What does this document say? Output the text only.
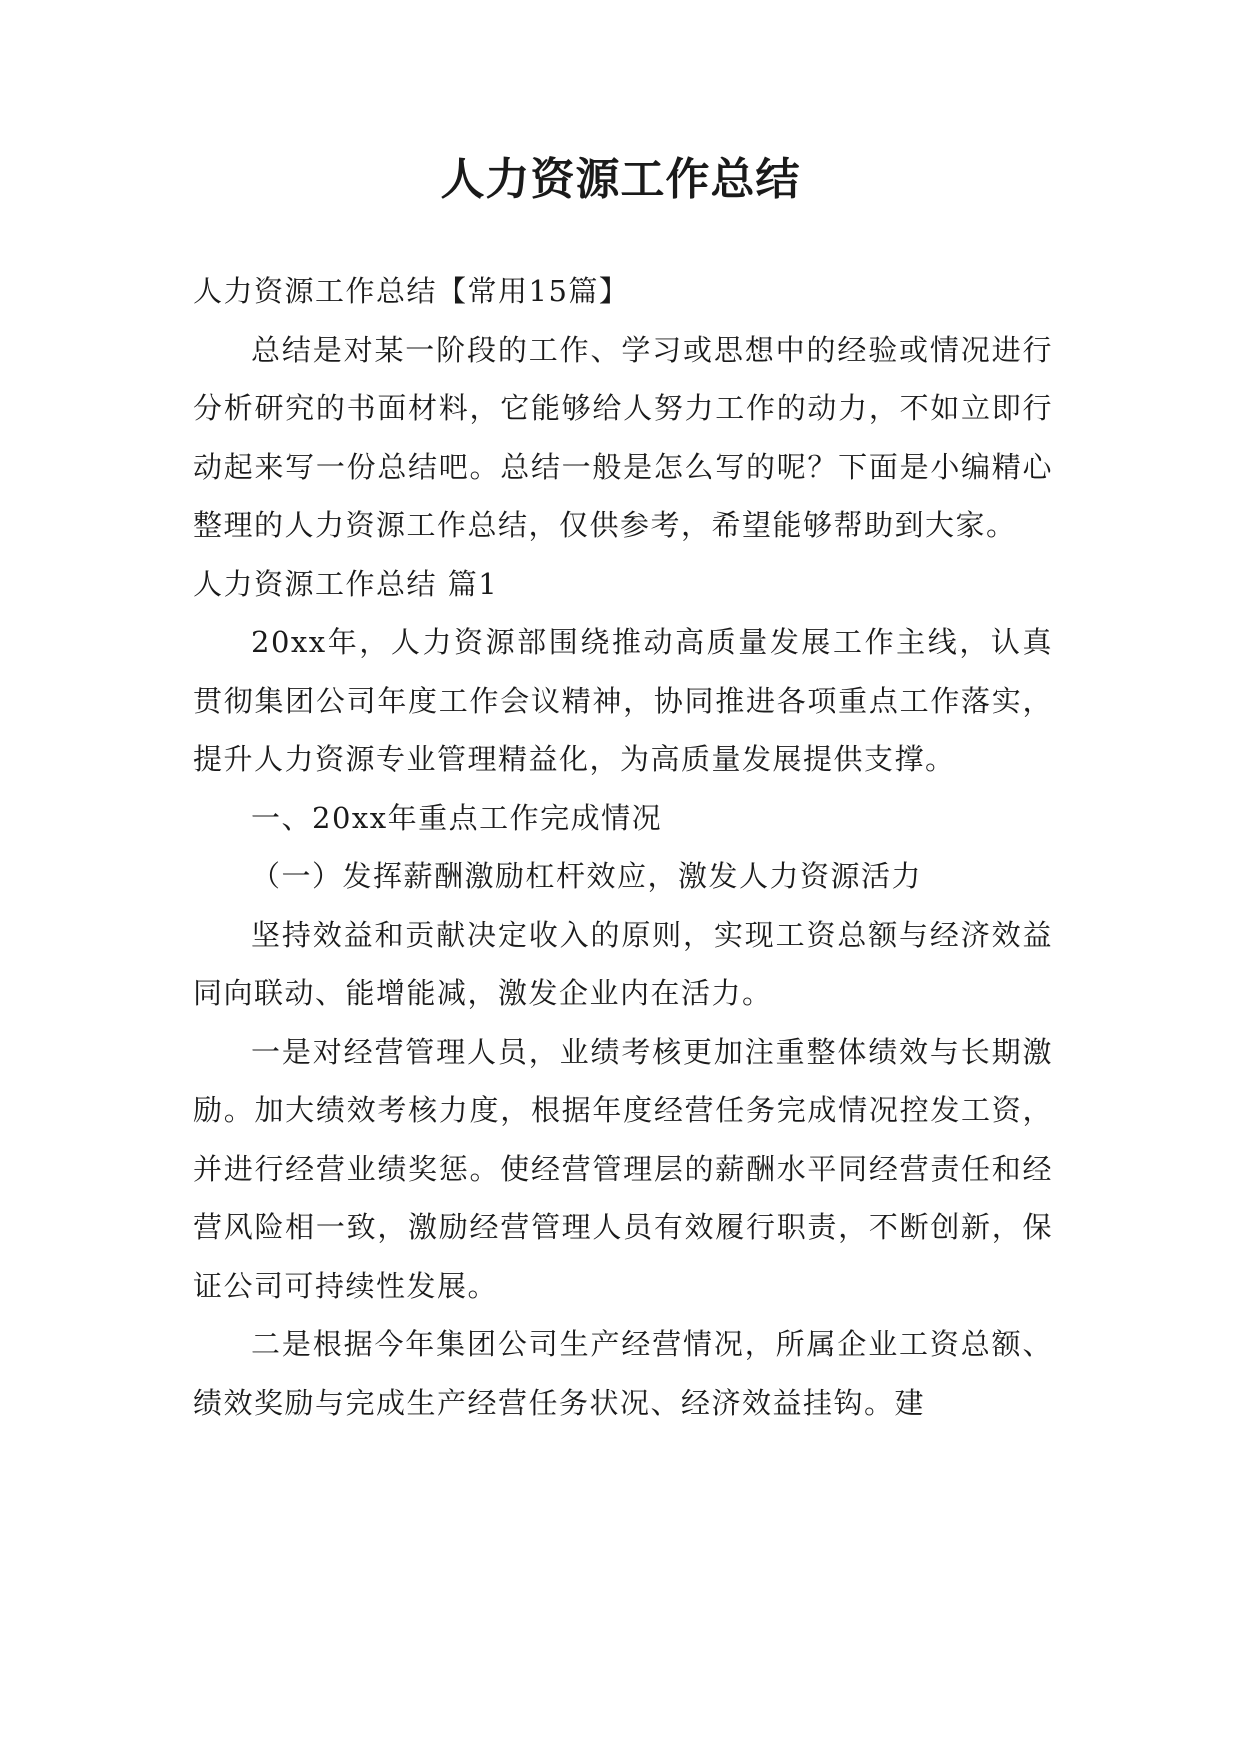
人力资源工作总结

人力资源工作总结【常用15篇】

总结是对某一阶段的工作、学习或思想中的经验或情况进行分析研究的书面材料，它能够给人努力工作的动力，不如立即行动起来写一份总结吧。总结一般是怎么写的呢？下面是小编精心整理的人力资源工作总结，仅供参考，希望能够帮助到大家。

人力资源工作总结 篇1

20xx年，人力资源部围绕推动高质量发展工作主线，认真贯彻集团公司年度工作会议精神，协同推进各项重点工作落实，提升人力资源专业管理精益化，为高质量发展提供支撑。

一、20xx年重点工作完成情况

（一）发挥薪酬激励杠杆效应，激发人力资源活力

坚持效益和贡献决定收入的原则，实现工资总额与经济效益同向联动、能增能减，激发企业内在活力。

一是对经营管理人员，业绩考核更加注重整体绩效与长期激励。加大绩效考核力度，根据年度经营任务完成情况控发工资，并进行经营业绩奖惩。使经营管理层的薪酬水平同经营责任和经营风险相一致，激励经营管理人员有效履行职责，不断创新，保证公司可持续性发展。

二是根据今年集团公司生产经营情况，所属企业工资总额、绩效奖励与完成生产经营任务状况、经济效益挂钩。建
